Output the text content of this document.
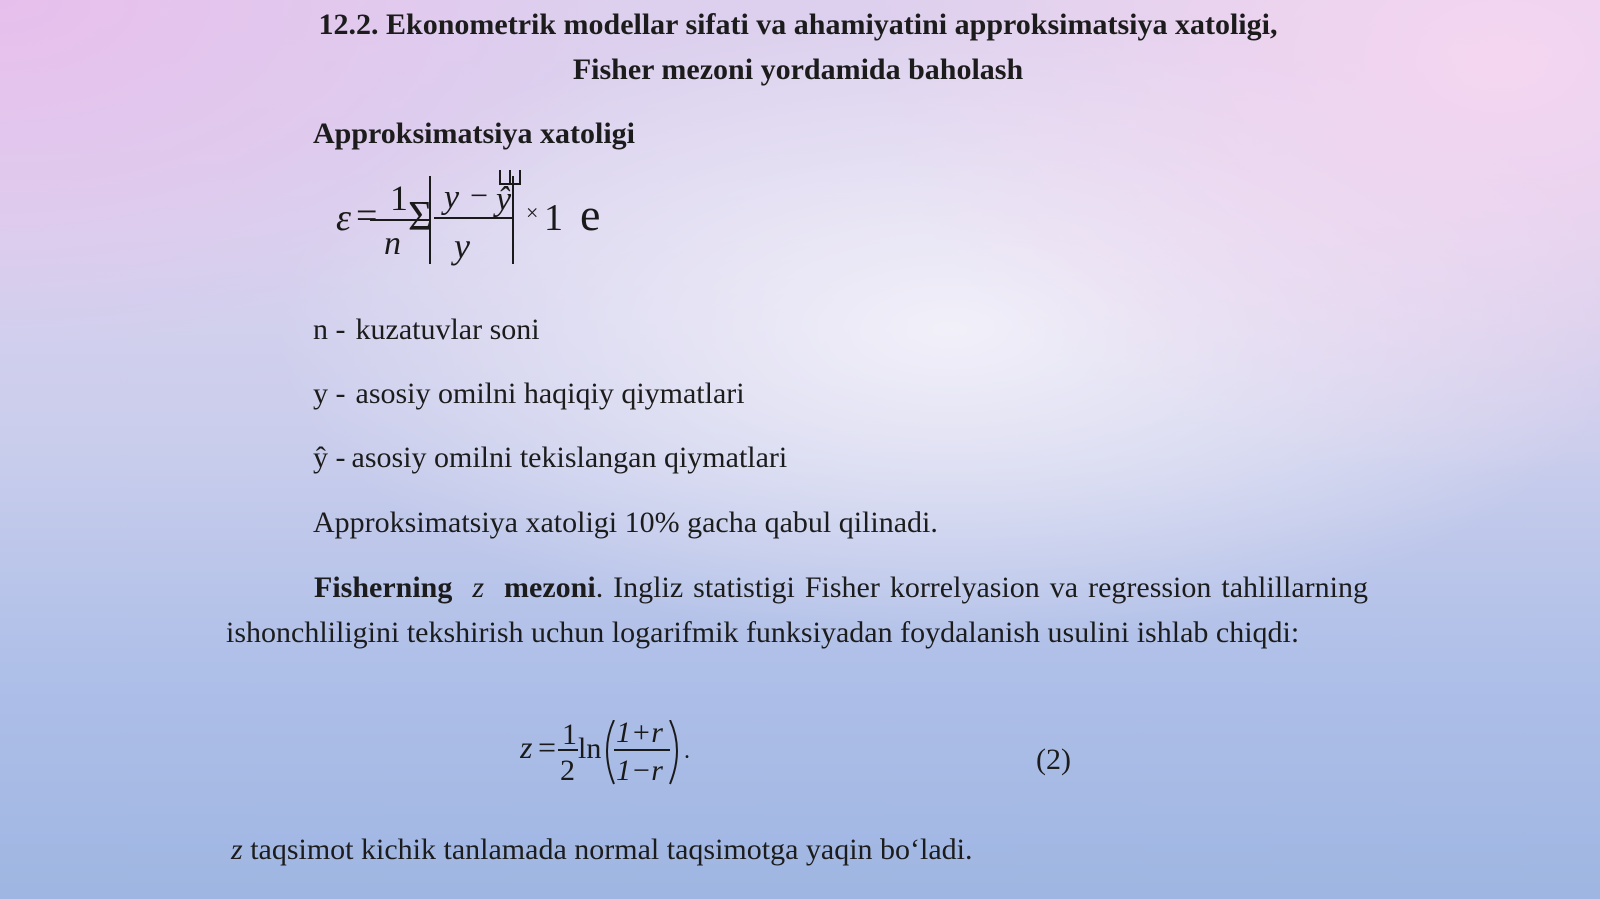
12.2. Ekonometrik modellar sifati va ahamiyatini approksimatsiya xatoligi,
Fisher mezoni yordamida baholash
Approksimatsiya xatoligi
ε = 1
n
Σ y − ŷ
y
× 1 e
n - kuzatuvlar soni
y - asosiy omilni haqiqiy qiymatlari
ŷ - asosiy omilni tekislangan qiymatlari
Approksimatsiya xatoligi 10% gacha qabul qilinadi.

Fisherning z mezoni. Ingliz statistigi Fisher korrelyasion va regression tahlillarning ishonchliligini tekshirish uchun logarifmik funksiyadan foydalanish usulini ishlab chiqdi:

z = 1
2
ln 1+r
1−r
.	(2)
z taqsimot kichik tanlamada normal taqsimotga yaqin bo‘ladi.
